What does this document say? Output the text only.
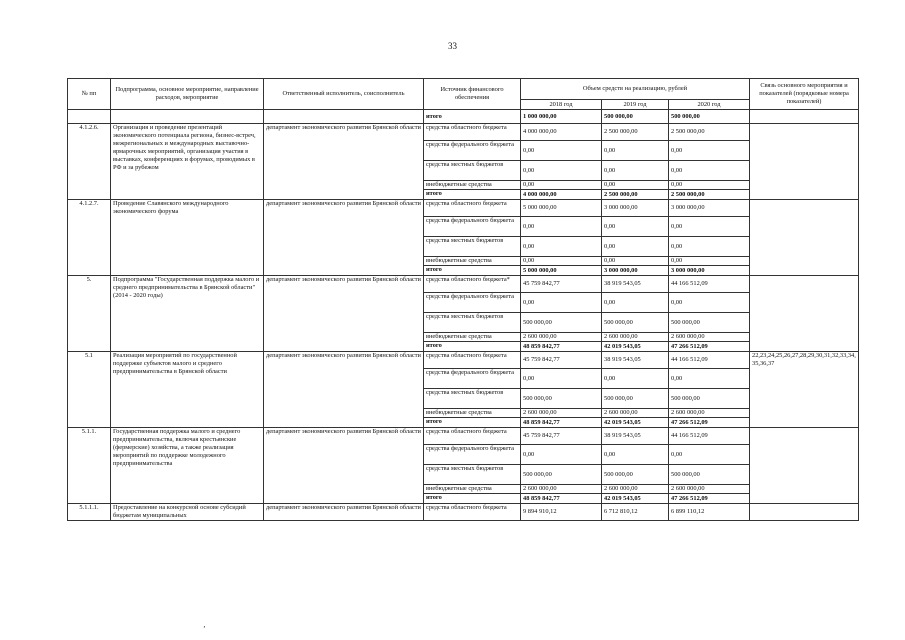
33
№ пп	Подпрограмма, основное мероприятие, направление расходов, мероприятие	Ответственный исполнитель, соисполнитель	Источник финансового обеспечения	Объем средств на реализацию, рублей			Связь основного мероприятия и показателей (порядковые номера показателей)
				2018 год	2019 год	2020 год	
			итого	1 000 000,00	500 000,00	500 000,00	
4.1.2.6.	Организация и проведение презентаций экономического потенциала региона, бизнес-встреч, межрегиональных и международных выставочно-ярмарочных мероприятий, организация участия в выставках, конференциях и форумах, проводимых в РФ и за рубежом	департамент экономического развития Брянской области	средства областного бюджета	4 000 000,00	2 500 000,00	2 500 000,00	
			средства федерального бюджета	0,00	0,00	0,00	
			средства местных бюджетов	0,00	0,00	0,00	
			внебюджетные средства	0,00	0,00	0,00	
			итого	4 000 000,00	2 500 000,00	2 500 000,00	
4.1.2.7.	Проведение Славянского международного экономического форума	департамент экономического развития Брянской области	средства областного бюджета	5 000 000,00	3 000 000,00	3 000 000,00	
			средства федерального бюджета	0,00	0,00	0,00	
			средства местных бюджетов	0,00	0,00	0,00	
			внебюджетные средства	0,00	0,00	0,00	
			итого	5 000 000,00	3 000 000,00	3 000 000,00	
5.	Подпрограмма "Государственная поддержка малого и среднего предпринимательства в Брянской области" (2014 - 2020 годы)	департамент экономического развития Брянской области	средства областного бюджета*	45 759 842,77	38 919 543,05	44 166 512,09	
			средства федерального бюджета	0,00	0,00	0,00	
			средства местных бюджетов	500 000,00	500 000,00	500 000,00	
			внебюджетные средства	2 600 000,00	2 600 000,00	2 600 000,00	
			итого	48 859 842,77	42 019 543,05	47 266 512,09	
5.1	Реализация мероприятий по государственной поддержке субъектов малого и среднего предпринимательства в Брянской области	департамент экономического развития Брянской области	средства областного бюджета	45 759 842,77	38 919 543,05	44 166 512,09	22,23,24,25,26,27,28,29,30,31,32,33,34,35,36,37
			средства федерального бюджета	0,00	0,00	0,00	
			средства местных бюджетов	500 000,00	500 000,00	500 000,00	
			внебюджетные средства	2 600 000,00	2 600 000,00	2 600 000,00	
			итого	48 859 842,77	42 019 543,05	47 266 512,09	
5.1.1.	Государственная поддержка малого и среднего предпринимательства, включая крестьянские (фермерские) хозяйства, а также реализация мероприятий по поддержке молодежного предпринимательства	департамент экономического развития Брянской области	средства областного бюджета	45 759 842,77	38 919 543,05	44 166 512,09	
			средства федерального бюджета	0,00	0,00	0,00	
			средства местных бюджетов	500 000,00	500 000,00	500 000,00	
			внебюджетные средства	2 600 000,00	2 600 000,00	2 600 000,00	
			итого	48 859 842,77	42 019 543,05	47 266 512,09	
5.1.1.1.	Предоставление на конкурсной основе субсидий бюджетам муниципальных	департамент экономического развития Брянской области	средства областного бюджета	9 894 910,12	6 712 810,12	6 899 110,12	
‚
